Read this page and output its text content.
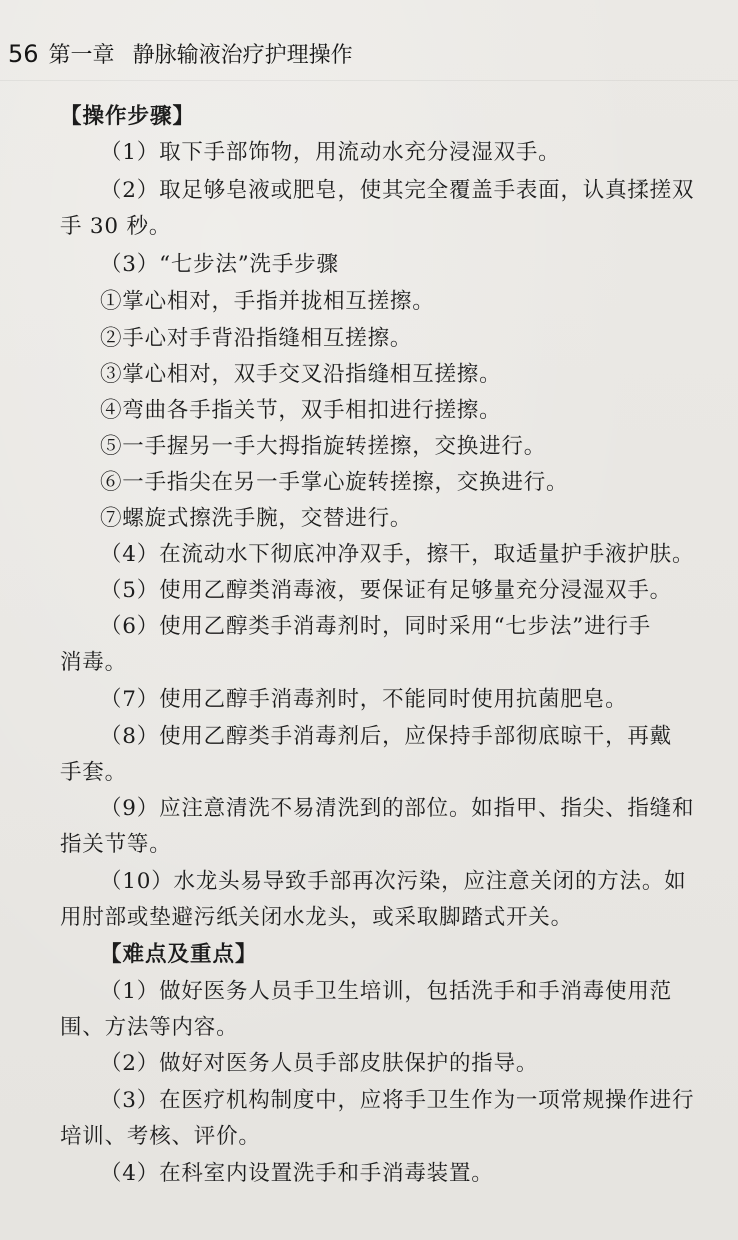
56 第一章 静脉输液治疗护理操作
【操作步骤】
（1）取下手部饰物，用流动水充分浸湿双手。
（2）取足够皂液或肥皂，使其完全覆盖手表面，认真揉搓双
手 30 秒。
（3）“七步法”洗手步骤
①掌心相对，手指并拢相互搓擦。
②手心对手背沿指缝相互搓擦。
③掌心相对，双手交叉沿指缝相互搓擦。
④弯曲各手指关节，双手相扣进行搓擦。
⑤一手握另一手大拇指旋转搓擦，交换进行。
⑥一手指尖在另一手掌心旋转搓擦，交换进行。
⑦螺旋式擦洗手腕，交替进行。
（4）在流动水下彻底冲净双手，擦干，取适量护手液护肤。
（5）使用乙醇类消毒液，要保证有足够量充分浸湿双手。
（6）使用乙醇类手消毒剂时，同时采用“七步法”进行手
消毒。
（7）使用乙醇手消毒剂时，不能同时使用抗菌肥皂。
（8）使用乙醇类手消毒剂后，应保持手部彻底晾干，再戴
手套。
（9）应注意清洗不易清洗到的部位。如指甲、指尖、指缝和
指关节等。
（10）水龙头易导致手部再次污染，应注意关闭的方法。如
用肘部或垫避污纸关闭水龙头，或采取脚踏式开关。
【难点及重点】
（1）做好医务人员手卫生培训，包括洗手和手消毒使用范
围、方法等内容。
（2）做好对医务人员手部皮肤保护的指导。
（3）在医疗机构制度中，应将手卫生作为一项常规操作进行
培训、考核、评价。
（4）在科室内设置洗手和手消毒装置。
